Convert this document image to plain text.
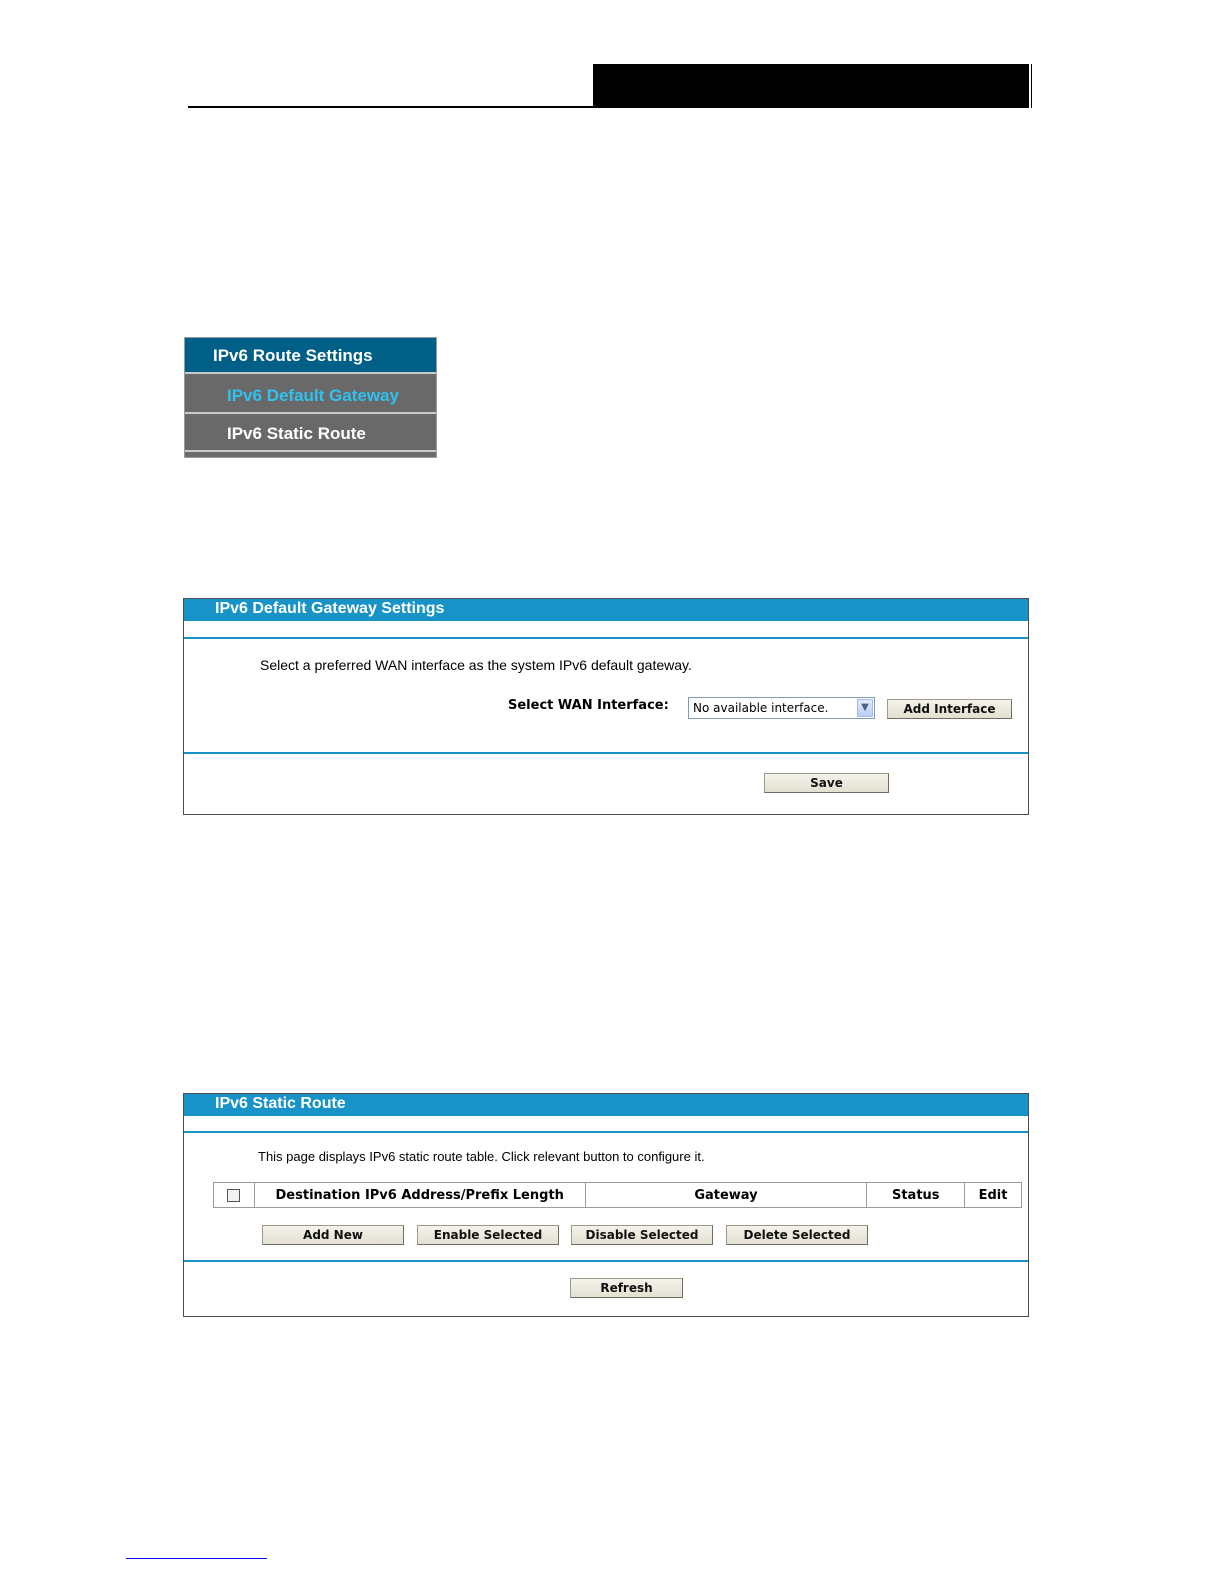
IPv6 Route Settings
IPv6 Default Gateway
IPv6 Static Route
IPv6 Default Gateway Settings
Select a preferred WAN interface as the system IPv6 default gateway.
Select WAN Interface:	No available interface.	▼	Add Interface
Save
IPv6 Static Route
This page displays IPv6 static route table. Click relevant button to configure it.
	Destination IPv6 Address/Prefix Length	Gateway	Status	Edit
Add New	Enable Selected	Disable Selected	Delete Selected
Refresh
